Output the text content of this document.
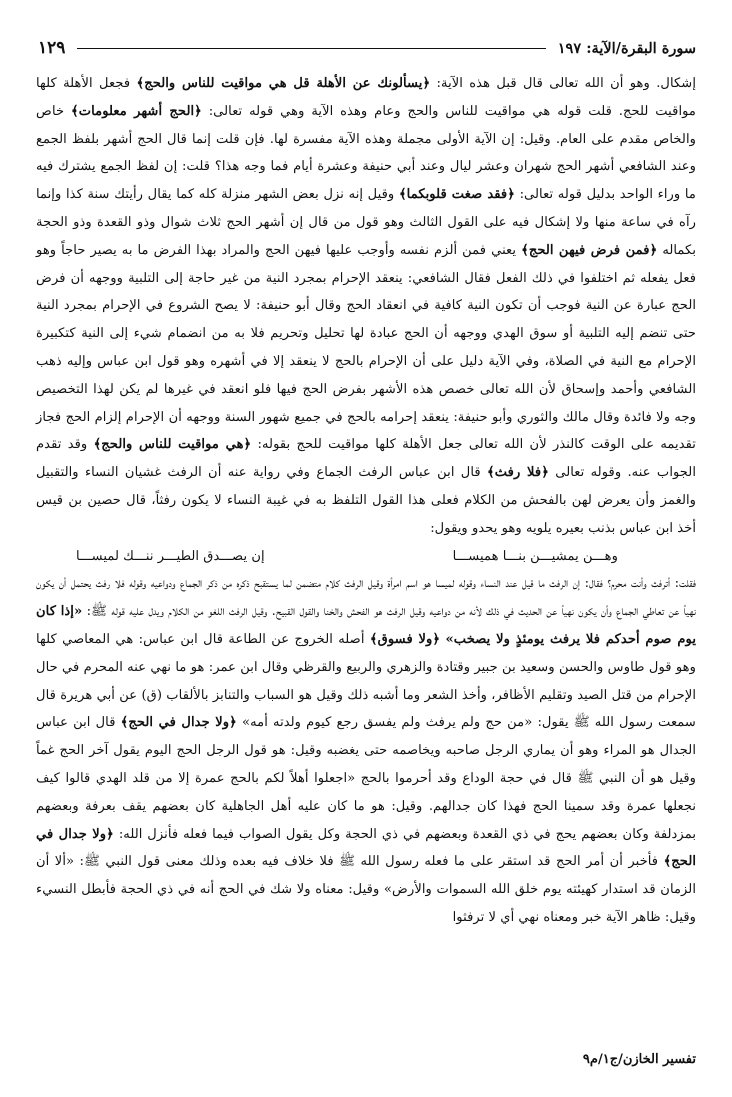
سورة البقرة/الآية: ١٩٧
١٢٩

إشكال. وهو أن الله تعالى قال قبل هذه الآية: ﴿يسألونك عن الأهلة قل هي مواقيت للناس والحج﴾ فجعل الأهلة كلها مواقيت للحج. قلت قوله هي مواقيت للناس والحج وعام وهذه الآية وهي قوله تعالى: ﴿الحج أشهر معلومات﴾ خاص والخاص مقدم على العام. وقيل: إن الآية الأولى مجملة وهذه الآية مفسرة لها. فإن قلت إنما قال الحج أشهر بلفظ الجمع وعند الشافعي أشهر الحج شهران وعشر ليال وعند أبي حنيفة وعشرة أيام فما وجه هذا؟ قلت: إن لفظ الجمع يشترك فيه ما وراء الواحد بدليل قوله تعالى: ﴿فقد صغت قلوبكما﴾ وقيل إنه نزل بعض الشهر منزلة كله كما يقال رأيتك سنة كذا وإنما رآه في ساعة منها ولا إشكال فيه على القول الثالث وهو قول من قال إن أشهر الحج ثلاث شوال وذو القعدة وذو الحجة بكماله ﴿فمن فرض فيهن الحج﴾ يعني فمن ألزم نفسه وأوجب عليها فيهن الحج والمراد بهذا الفرض ما به يصير حاجاً وهو فعل يفعله ثم اختلفوا في ذلك الفعل فقال الشافعي: ينعقد الإحرام بمجرد النية من غير حاجة إلى التلبية ووجهه أن فرض الحج عبارة عن النية فوجب أن تكون النية كافية في انعقاد الحج وقال أبو حنيفة: لا يصح الشروع في الإحرام بمجرد النية حتى تنضم إليه التلبية أو سوق الهدي ووجهه أن الحج عبادة لها تحليل وتحريم فلا به من انضمام شيء إلى النية كتكبيرة الإحرام مع النية في الصلاة، وفي الآية دليل على أن الإحرام بالحج لا ينعقد إلا في أشهره وهو قول ابن عباس وإليه ذهب الشافعي وأحمد وإسحاق لأن الله تعالى خصص هذه الأشهر بفرض الحج فيها فلو انعقد في غيرها لم يكن لهذا التخصيص وجه ولا فائدة وقال مالك والثوري وأبو حنيفة: ينعقد إحرامه بالحج في جميع شهور السنة ووجهه أن الإحرام إلزام الحج فجاز تقديمه على الوقت كالنذر لأن الله تعالى جعل الأهلة كلها مواقيت للحج بقوله: ﴿هي مواقيت للناس والحج﴾ وقد تقدم الجواب عنه. وقوله تعالى ﴿فلا رفث﴾ قال ابن عباس الرفث الجماع وفي رواية عنه أن الرفث غشيان النساء والتقبيل والغمز وأن يعرض لهن بالفحش من الكلام فعلى هذا القول التلفظ به في غيبة النساء لا يكون رفثاً، قال حصين بن قيس أخذ ابن عباس بذنب بعيره يلويه وهو يحدو ويقول:

وهـــن يمشيـــن بنـــا هميســـا
إن يصـــدق الطيـــر ننـــك لميســـا

فقلت: أترفث وأنت محرم؟ فقال: إن الرفث ما قيل عند النساء وقوله لميسا هو اسم امرأة وقيل الرفث كلام متضمن لما يستقبح ذكره من ذكر الجماع ودواعيه وقوله فلا رفث يحتمل أن يكون نهياً عن تعاطي الجماع وأن يكون نهياً عن الحديث في ذلك لأنه من دواعيه وقيل الرفث هو الفحش والخنا والقول القبيح. وقيل الرفث اللغو من الكلام ويدل عليه قوله ﷺ: «إذا كان يوم صوم أحدكم فلا يرفث يومئذٍ ولا يصخب» ﴿ولا فسوق﴾ أصله الخروج عن الطاعة قال ابن عباس: هي المعاصي كلها وهو قول طاوس والحسن وسعيد بن جبير وقتادة والزهري والربيع والقرظي وقال ابن عمر: هو ما نهي عنه المحرم في حال الإحرام من قتل الصيد وتقليم الأظافر، وأخذ الشعر وما أشبه ذلك وقيل هو السباب والتنابز بالألقاب (ق) عن أبي هريرة قال سمعت رسول الله ﷺ يقول: «من حج ولم يرفث ولم يفسق رجع كيوم ولدته أمه» ﴿ولا جدال في الحج﴾ قال ابن عباس الجدال هو المراء وهو أن يماري الرجل صاحبه ويخاصمه حتى يغضبه وقيل: هو قول الرجل الحج اليوم يقول آخر الحج غماً وقيل هو أن النبي ﷺ قال في حجة الوداع وقد أحرموا بالحج «اجعلوا أهلاً لكم بالحج عمرة إلا من قلد الهدي قالوا كيف نجعلها عمرة وقد سمينا الحج فهذا كان جدالهم. وقيل: هو ما كان عليه أهل الجاهلية كان بعضهم يقف بعرفة وبعضهم بمزدلفة وكان بعضهم يحج في ذي القعدة وبعضهم في ذي الحجة وكل يقول الصواب فيما فعله فأنزل الله: ﴿ولا جدال في الحج﴾ فأخبر أن أمر الحج قد استقر على ما فعله رسول الله ﷺ فلا خلاف فيه بعده وذلك معنى قول النبي ﷺ: «ألا أن الزمان قد استدار كهيئته يوم خلق الله السموات والأرض» وقيل: معناه ولا شك في الحج أنه في ذي الحجة فأبطل النسيء وقيل: ظاهر الآية خبر ومعناه نهي أي لا ترفثوا

تفسير الخازن/ج١/م٩
